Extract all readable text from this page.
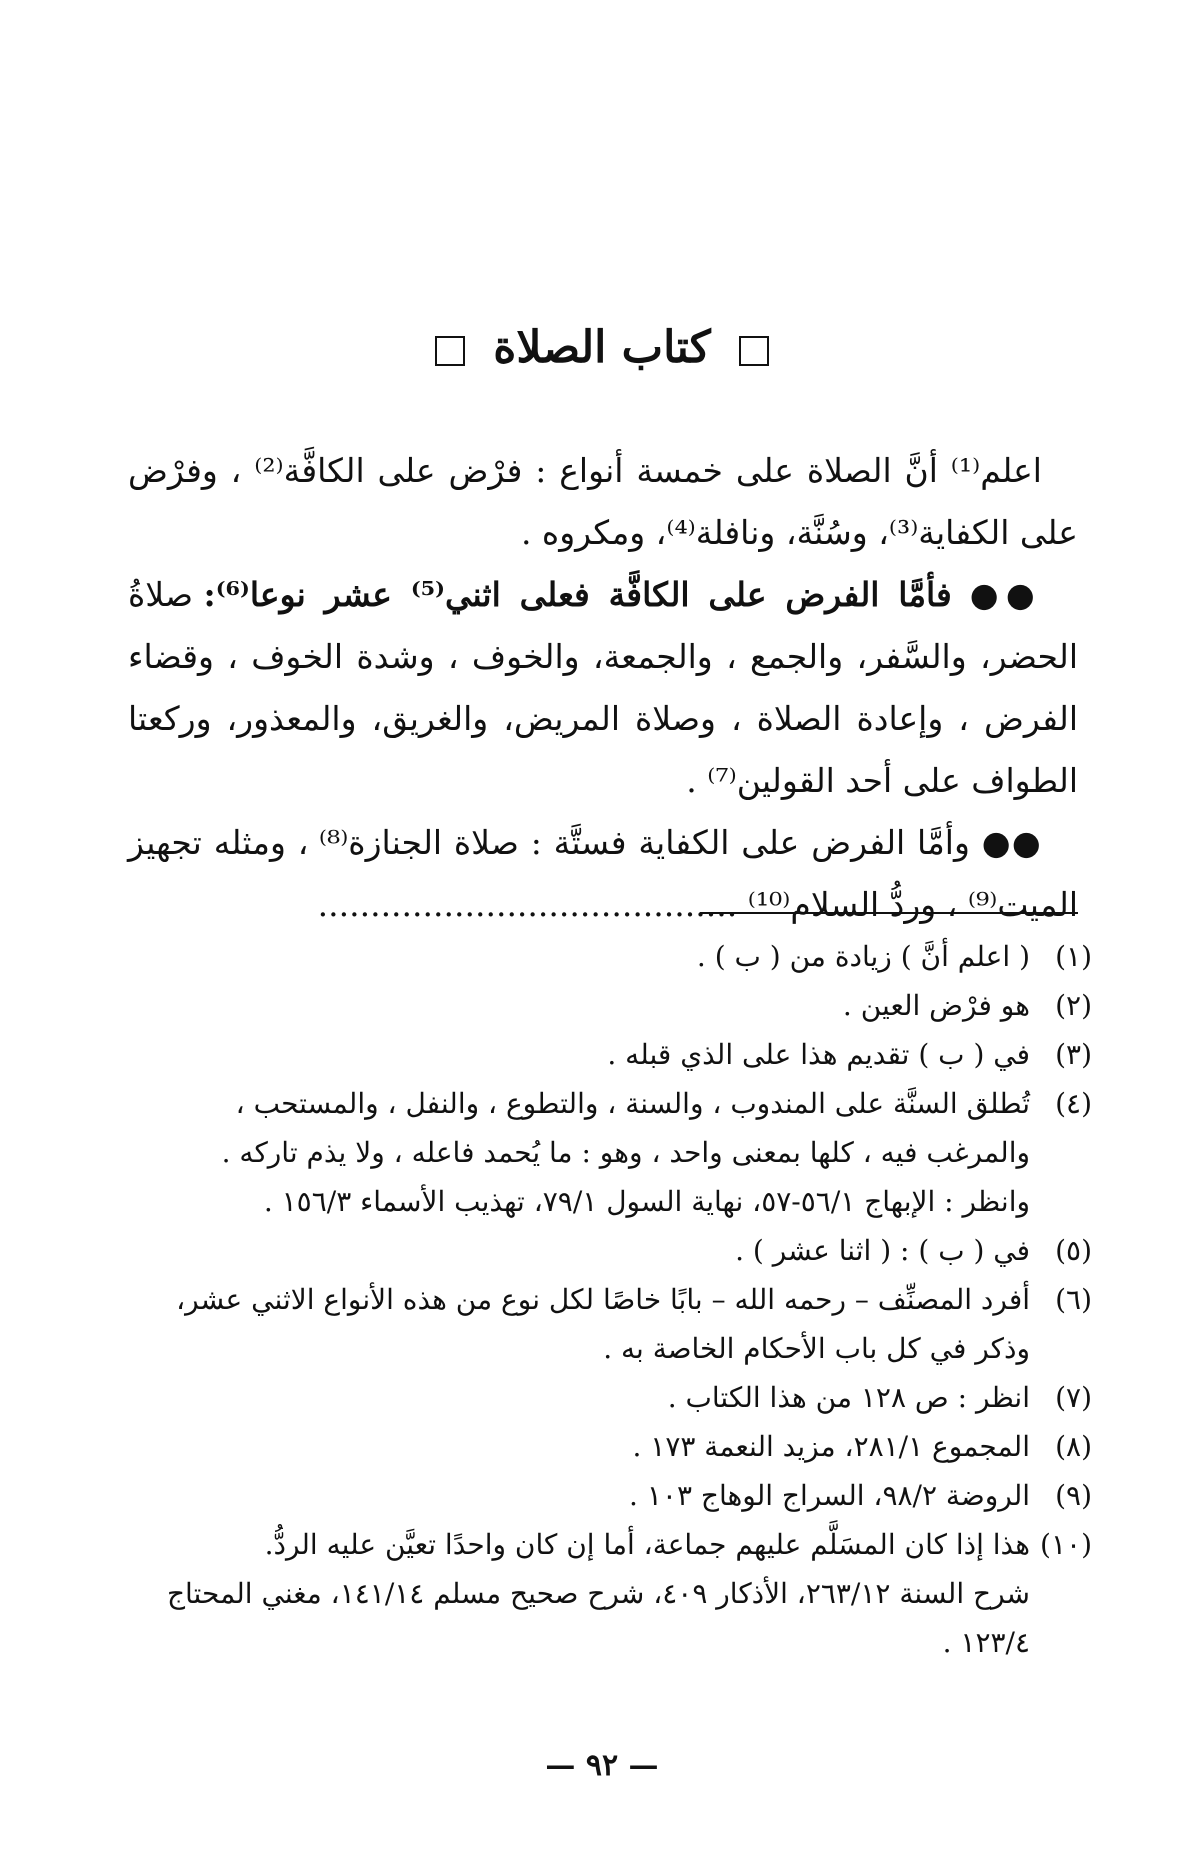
كتاب الصلاة

اعلم⁽¹⁾ أنَّ الصلاة على خمسة أنواع : فرْض على الكافَّة⁽²⁾ ، وفرْض على الكفاية⁽³⁾، وسُنَّة، ونافلة⁽⁴⁾، ومكروه .

●● فأمَّا الفرض على الكافَّة فعلى اثني⁽⁵⁾ عشر نوعا⁽⁶⁾: صلاةُ الحضر، والسَّفر، والجمع ، والجمعة، والخوف ، وشدة الخوف ، وقضاء الفرض ، وإعادة الصلاة ، وصلاة المريض، والغريق، والمعذور، وركعتا الطواف على أحد القولين⁽⁷⁾ .

●● وأمَّا الفرض على الكفاية فستَّة : صلاة الجنازة⁽⁸⁾ ، ومثله تجهيز الميت⁽⁹⁾ ، وردُّ السلام⁽¹⁰⁾ ........................................

(١)
( اعلم أنَّ ) زيادة من ( ب ) .
(٢)
هو فرْض العين .
(٣)
في ( ب ) تقديم هذا على الذي قبله .
(٤)
تُطلق السنَّة على المندوب ، والسنة ، والتطوع ، والنفل ، والمستحب ، والمرغب فيه ، كلها بمعنى واحد ، وهو : ما يُحمد فاعله ، ولا يذم تاركه .
وانظر : الإبهاج ٥٦/١-٥٧، نهاية السول ٧٩/١، تهذيب الأسماء ١٥٦/٣ .
(٥)
في ( ب ) : ( اثنا عشر ) .
(٦)
أفرد المصنِّف – رحمه الله – بابًا خاصًا لكل نوع من هذه الأنواع الاثني عشر، وذكر في كل باب الأحكام الخاصة به .
(٧)
انظر : ص ١٢٨ من هذا الكتاب .
(٨)
المجموع ٢٨١/١، مزيد النعمة ١٧٣ .
(٩)
الروضة ٩٨/٢، السراج الوهاج ١٠٣ .
(١٠)
هذا إذا كان المسَلَّم عليهم جماعة، أما إن كان واحدًا تعيَّن عليه الردُّ.
شرح السنة ٢٦٣/١٢، الأذكار ٤٠٩، شرح صحيح مسلم ١٤١/١٤، مغني المحتاج ١٢٣/٤ .
— ٩٢ —
